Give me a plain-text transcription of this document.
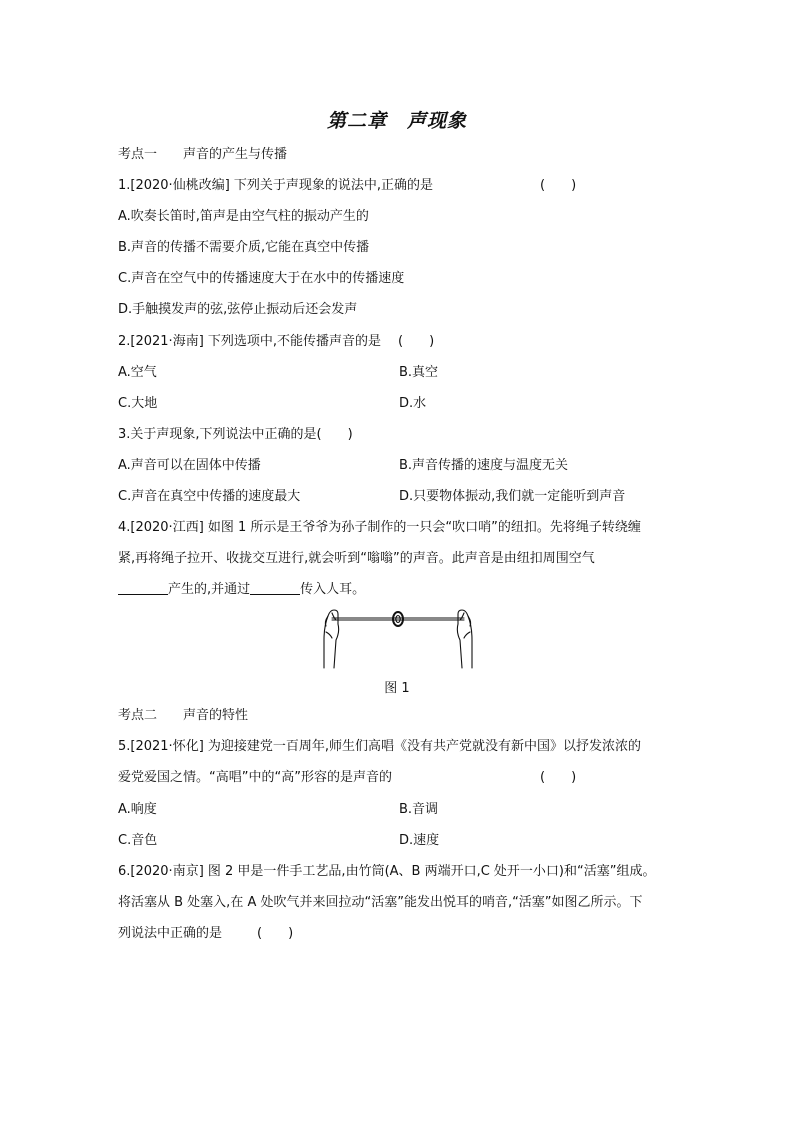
第二章　声现象
考点一 声音的产生与传播
1.[2020·仙桃改编] 下列关于声现象的说法中,正确的是	(　　)
A.吹奏长笛时,笛声是由空气柱的振动产生的
B.声音的传播不需要介质,它能在真空中传播
C.声音在空气中的传播速度大于在水中的传播速度
D.手触摸发声的弦,弦停止振动后还会发声
2.[2021·海南] 下列选项中,不能传播声音的是 (　　)
A.空气	B.真空
C.大地	D.水
3.关于声现象,下列说法中正确的是(　　)
A.声音可以在固体中传播	B.声音传播的速度与温度无关
C.声音在真空中传播的速度最大	D.只要物体振动,我们就一定能听到声音
4.[2020·江西] 如图 1 所示是王爷爷为孙子制作的一只会“吹口哨”的纽扣。先将绳子转绕缠
紧,再将绳子拉开、收拢交互进行,就会听到“嗡嗡”的声音。此声音是由纽扣周围空气
产生的,并通过	传入人耳。
图 1
考点二 声音的特性
5.[2021·怀化] 为迎接建党一百周年,师生们高唱《没有共产党就没有新中国》以抒发浓浓的
爱党爱国之情。“高唱”中的“高”形容的是声音的	(　　)
A.响度	B.音调
C.音色	D.速度
6.[2020·南京] 图 2 甲是一件手工艺品,由竹筒(A、B 两端开口,C 处开一小口)和“活塞”组成。
将活塞从 B 处塞入,在 A 处吹气并来回拉动“活塞”能发出悦耳的哨音,“活塞”如图乙所示。下
列说法中正确的是	(　　)
